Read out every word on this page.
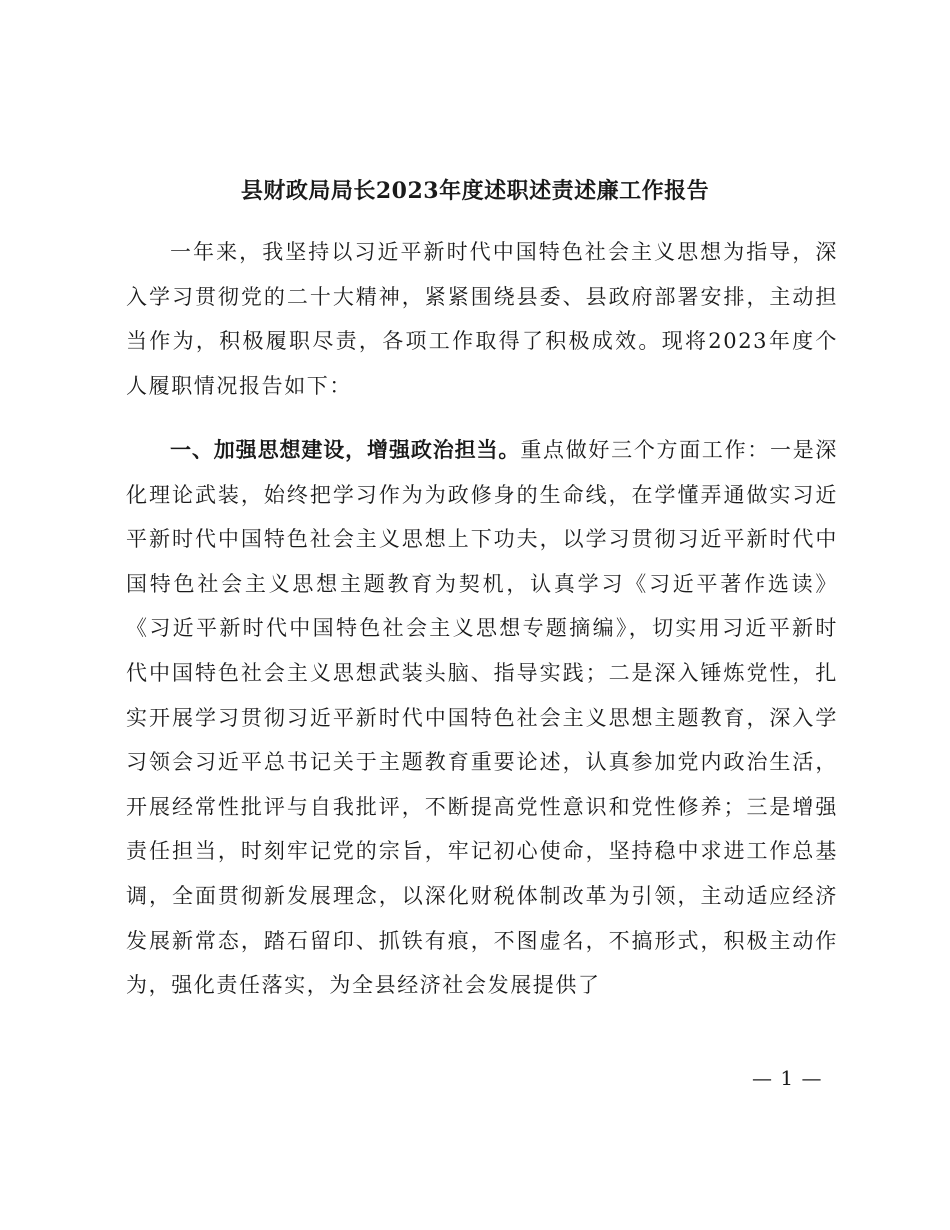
县财政局局长2023年度述职述责述廉工作报告

一年来，我坚持以习近平新时代中国特色社会主义思想为指导，深入学习贯彻党的二十大精神，紧紧围绕县委、县政府部署安排，主动担当作为，积极履职尽责，各项工作取得了积极成效。现将2023年度个人履职情况报告如下：

一、加强思想建设，增强政治担当。重点做好三个方面工作：一是深化理论武装，始终把学习作为为政修身的生命线，在学懂弄通做实习近平新时代中国特色社会主义思想上下功夫，以学习贯彻习近平新时代中国特色社会主义思想主题教育为契机，认真学习《习近平著作选读》《习近平新时代中国特色社会主义思想专题摘编》，切实用习近平新时代中国特色社会主义思想武装头脑、指导实践；二是深入锤炼党性，扎实开展学习贯彻习近平新时代中国特色社会主义思想主题教育，深入学习领会习近平总书记关于主题教育重要论述，认真参加党内政治生活，开展经常性批评与自我批评，不断提高党性意识和党性修养；三是增强责任担当，时刻牢记党的宗旨，牢记初心使命，坚持稳中求进工作总基调，全面贯彻新发展理念，以深化财税体制改革为引领，主动适应经济发展新常态，踏石留印、抓铁有痕，不图虚名，不搞形式，积极主动作为，强化责任落实，为全县经济社会发展提供了

— 1 —
